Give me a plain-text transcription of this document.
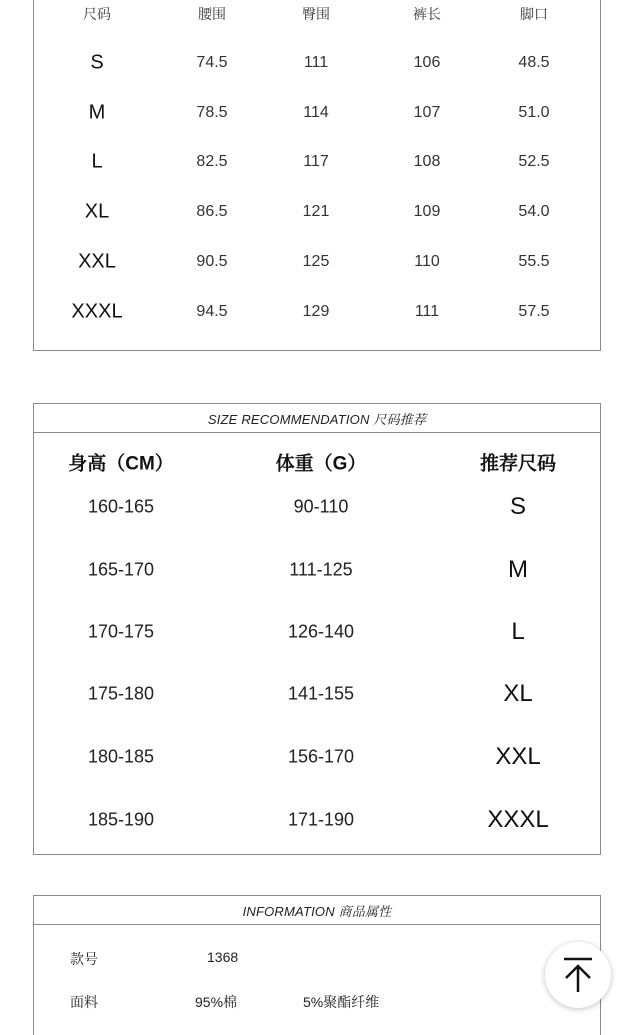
SIZE RECOMMENDATION 尺码推荐
INFORMATION 商品属性
尺码	腰围	臀围	裤长	脚口
S	74.5	111	106	48.5
M	78.5	114	107	51.0
L	82.5	117	108	52.5
XL	86.5	121	109	54.0
XXL	90.5	125	110	55.5
XXXL	94.5	129	111	57.5
身高（CM）	体重（G）	推荐尺码
160-165	90-110	S
165-170	111-125	M
170-175	126-140	L
175-180	141-155	XL
180-185	156-170	XXL
185-190	171-190	XXXL
款号	1368
面料	95%棉	5%聚酯纤维
